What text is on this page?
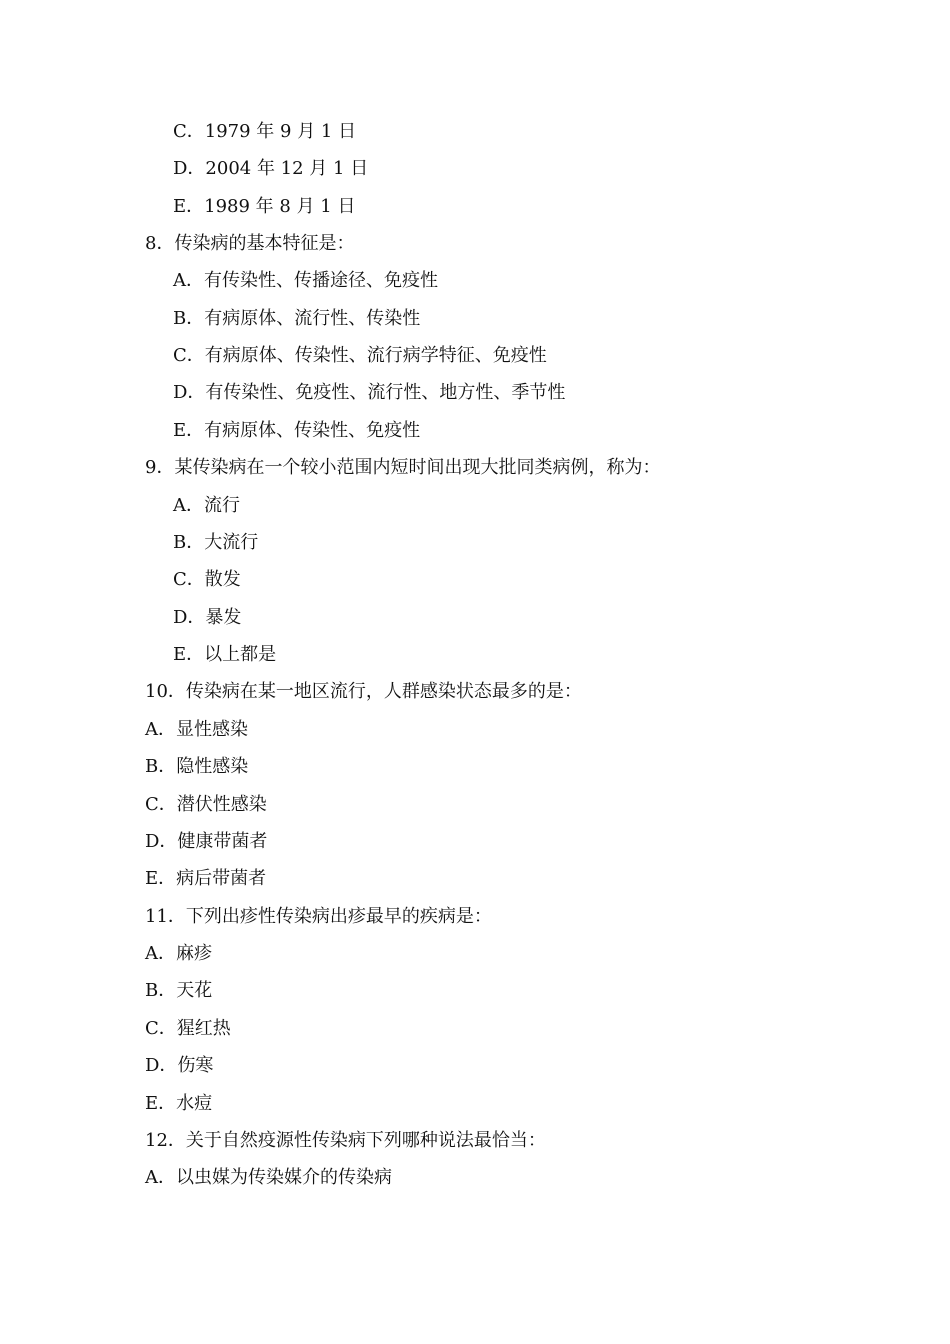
C．1979 年 9 月 1 日
D．2004 年 12 月 1 日
E．1989 年 8 月 1 日
8．传染病的基本特征是：
A．有传染性、传播途径、免疫性
B．有病原体、流行性、传染性
C．有病原体、传染性、流行病学特征、免疫性
D．有传染性、免疫性、流行性、地方性、季节性
E．有病原体、传染性、免疫性
9．某传染病在一个较小范围内短时间出现大批同类病例，称为：
A．流行
B．大流行
C．散发
D．暴发
E．以上都是
10．传染病在某一地区流行，人群感染状态最多的是：
A．显性感染
B．隐性感染
C．潜伏性感染
D．健康带菌者
E．病后带菌者
11．下列出疹性传染病出疹最早的疾病是：
A．麻疹
B．天花
C．猩红热
D．伤寒
E．水痘
12．关于自然疫源性传染病下列哪种说法最恰当：
A．以虫媒为传染媒介的传染病
